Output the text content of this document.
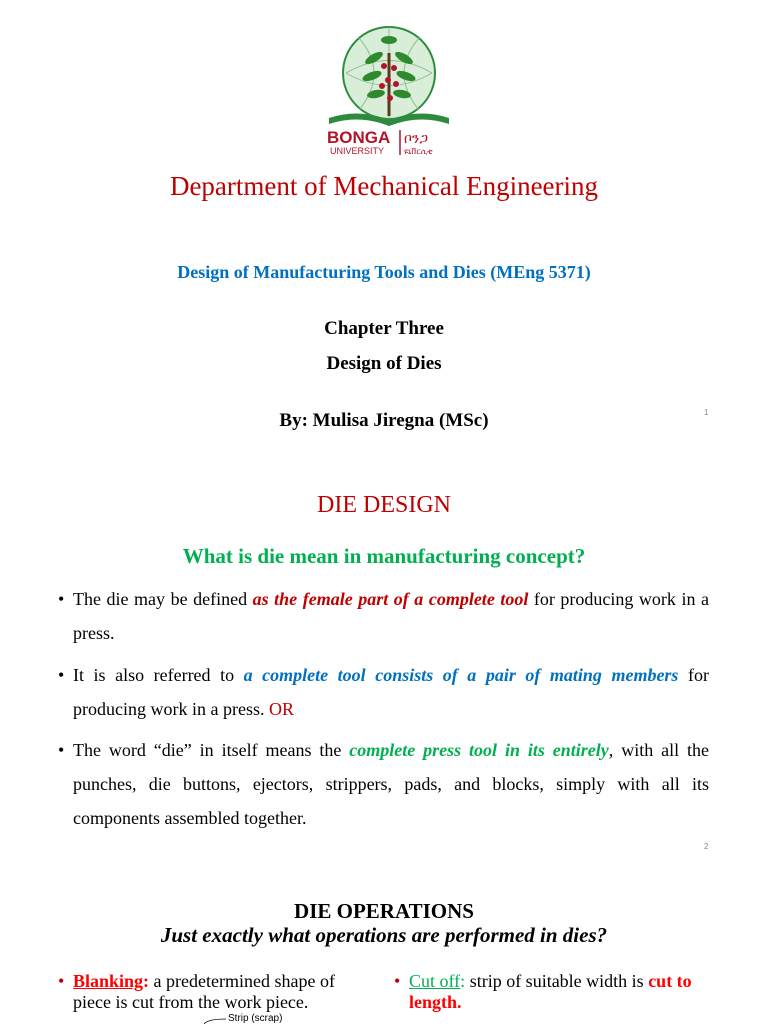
BONGA
UNIVERSITY
ቦንጋ
ዩኒቨርሲቲ
Department of Mechanical Engineering
Design of Manufacturing Tools and Dies (MEng 5371)
Chapter Three
Design of Dies
By: Mulisa Jiregna (MSc)	1
DIE DESIGN
What is die mean in manufacturing concept?
• The die may be defined as the female part of a complete tool for producing work in a press.
• It is also referred to a complete tool consists of a pair of mating members for producing work in a press. OR
• The word “die” in itself means the complete press tool in its entirely, with all the punches, die buttons, ejectors, strippers, pads, and blocks, simply with all its components assembled together.
2
DIE OPERATIONS
Just exactly what operations are performed in dies?
• Blanking: a predetermined shape of piece is cut from the work piece.
• Cut off: strip of suitable width is cut to length.
Strip (scrap)
